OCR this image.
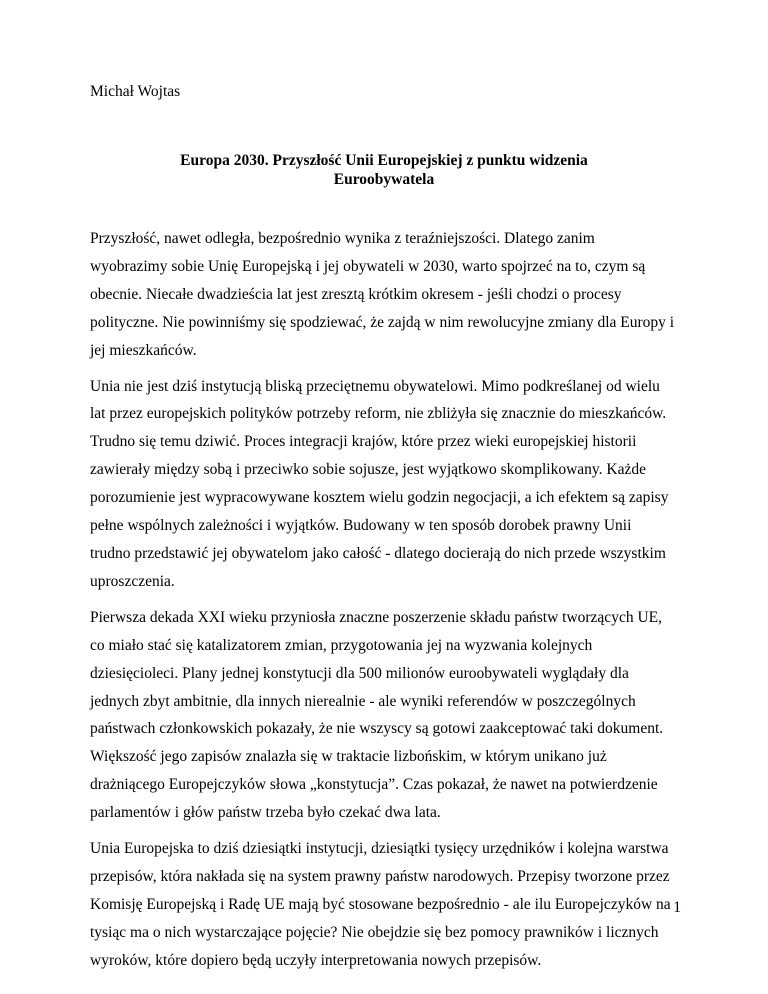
Michał Wojtas

Europa 2030. Przyszłość Unii Europejskiej z punktu widzenia
Euroobywatela

Przyszłość, nawet odległa, bezpośrednio wynika z teraźniejszości. Dlatego zanim
wyobrazimy sobie Unię Europejską i jej obywateli w 2030, warto spojrzeć na to, czym są
obecnie. Niecałe dwadzieścia lat jest zresztą krótkim okresem - jeśli chodzi o procesy
polityczne. Nie powinniśmy się spodziewać, że zajdą w nim rewolucyjne zmiany dla Europy i
jej mieszkańców.

Unia nie jest dziś instytucją bliską przeciętnemu obywatelowi. Mimo podkreślanej od wielu
lat przez europejskich polityków potrzeby reform, nie zbliżyła się znacznie do mieszkańców.
Trudno się temu dziwić. Proces integracji krajów, które przez wieki europejskiej historii
zawierały między sobą i przeciwko sobie sojusze, jest wyjątkowo skomplikowany. Każde
porozumienie jest wypracowywane kosztem wielu godzin negocjacji, a ich efektem są zapisy
pełne wspólnych zależności i wyjątków. Budowany w ten sposób dorobek prawny Unii
trudno przedstawić jej obywatelom jako całość - dlatego docierają do nich przede wszystkim
uproszczenia.

Pierwsza dekada XXI wieku przyniosła znaczne poszerzenie składu państw tworzących UE,
co miało stać się katalizatorem zmian, przygotowania jej na wyzwania kolejnych
dziesięcioleci. Plany jednej konstytucji dla 500 milionów euroobywateli wyglądały dla
jednych zbyt ambitnie, dla innych nierealnie - ale wyniki referendów w poszczególnych
państwach członkowskich pokazały, że nie wszyscy są gotowi zaakceptować taki dokument.
Większość jego zapisów znalazła się w traktacie lizbońskim, w którym unikano już
drażniącego Europejczyków słowa „konstytucja”. Czas pokazał, że nawet na potwierdzenie
parlamentów i głów państw trzeba było czekać dwa lata.

Unia Europejska to dziś dziesiątki instytucji, dziesiątki tysięcy urzędników i kolejna warstwa
przepisów, która nakłada się na system prawny państw narodowych. Przepisy tworzone przez
Komisję Europejską i Radę UE mają być stosowane bezpośrednio - ale ilu Europejczyków na
tysiąc ma o nich wystarczające pojęcie? Nie obejdzie się bez pomocy prawników i licznych
wyroków, które dopiero będą uczyły interpretowania nowych przepisów.

1
